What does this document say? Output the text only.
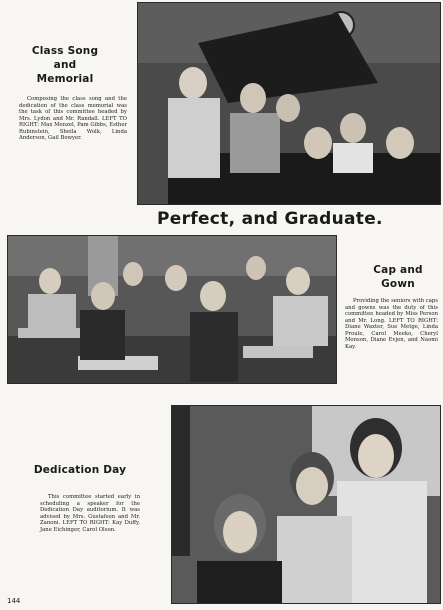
Class Song
and
Memorial
Composing the class song and the dedication of the class memorial was the task of this committee headed by Mrs. Lydon and Mr. Randall. LEFT TO RIGHT: Max Menzel, Pam Gibbs, Esther Rubinstein, Sheila Wolk, Linda Anderson, Gail Bowyer.
Perfect, and Graduate.
Cap and
Gown
Providing the seniors with caps and gowns was the duty of this committee headed by Miss Person and Mr. Long. LEFT TO RIGHT: Diane Waxter, Sue Metge, Linda Proule, Carol Meeko, Cheryl Monson, Diane Evjen, and Naomi Kay.
Dedication Day
This committee started early in scheduling a speaker for the Dedication Day auditorium. It was advised by Mrs. Gustafson and Mr. Zanoni. LEFT TO RIGHT: Kay Duffy, Jane Eichinger, Carol Olson.
144
